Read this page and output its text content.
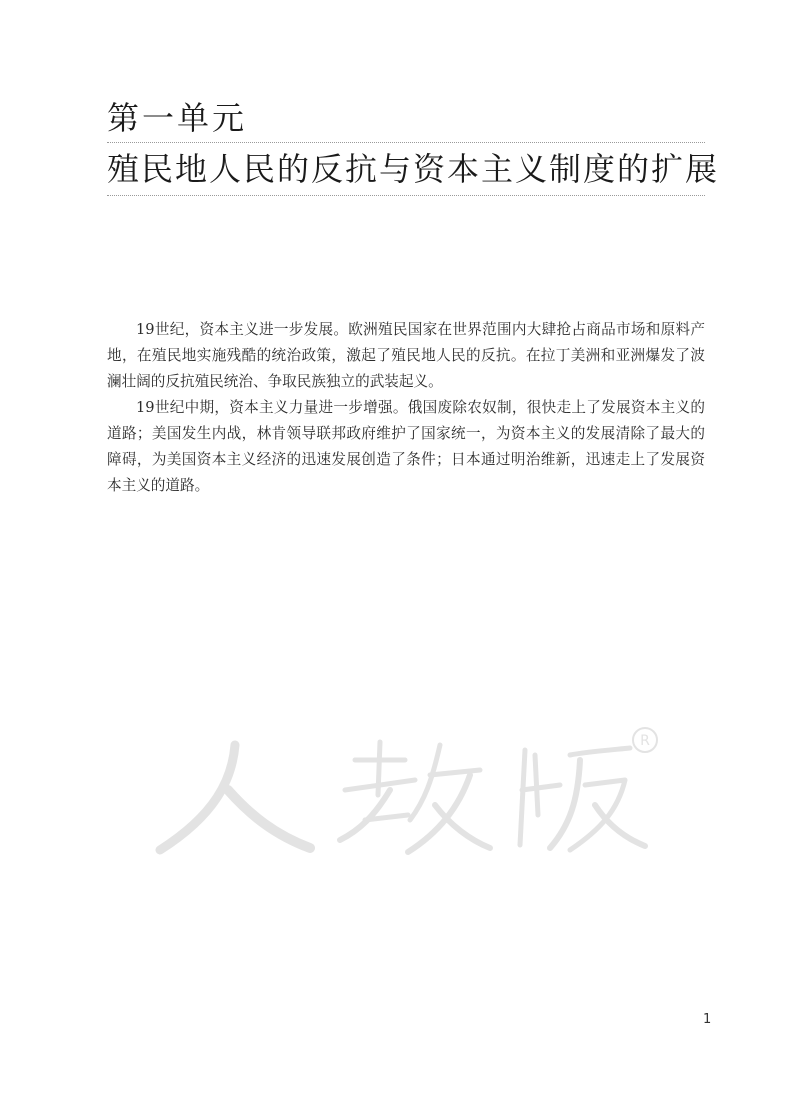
第一单元
殖民地人民的反抗与资本主义制度的扩展

19世纪，资本主义进一步发展。欧洲殖民国家在世界范围内大肆抢占商品市场和原料产地，在殖民地实施残酷的统治政策，激起了殖民地人民的反抗。在拉丁美洲和亚洲爆发了波澜壮阔的反抗殖民统治、争取民族独立的武装起义。

19世纪中期，资本主义力量进一步增强。俄国废除农奴制，很快走上了发展资本主义的道路；美国发生内战，林肯领导联邦政府维护了国家统一，为资本主义的发展清除了最大的障碍，为美国资本主义经济的迅速发展创造了条件；日本通过明治维新，迅速走上了发展资本主义的道路。

R
1
